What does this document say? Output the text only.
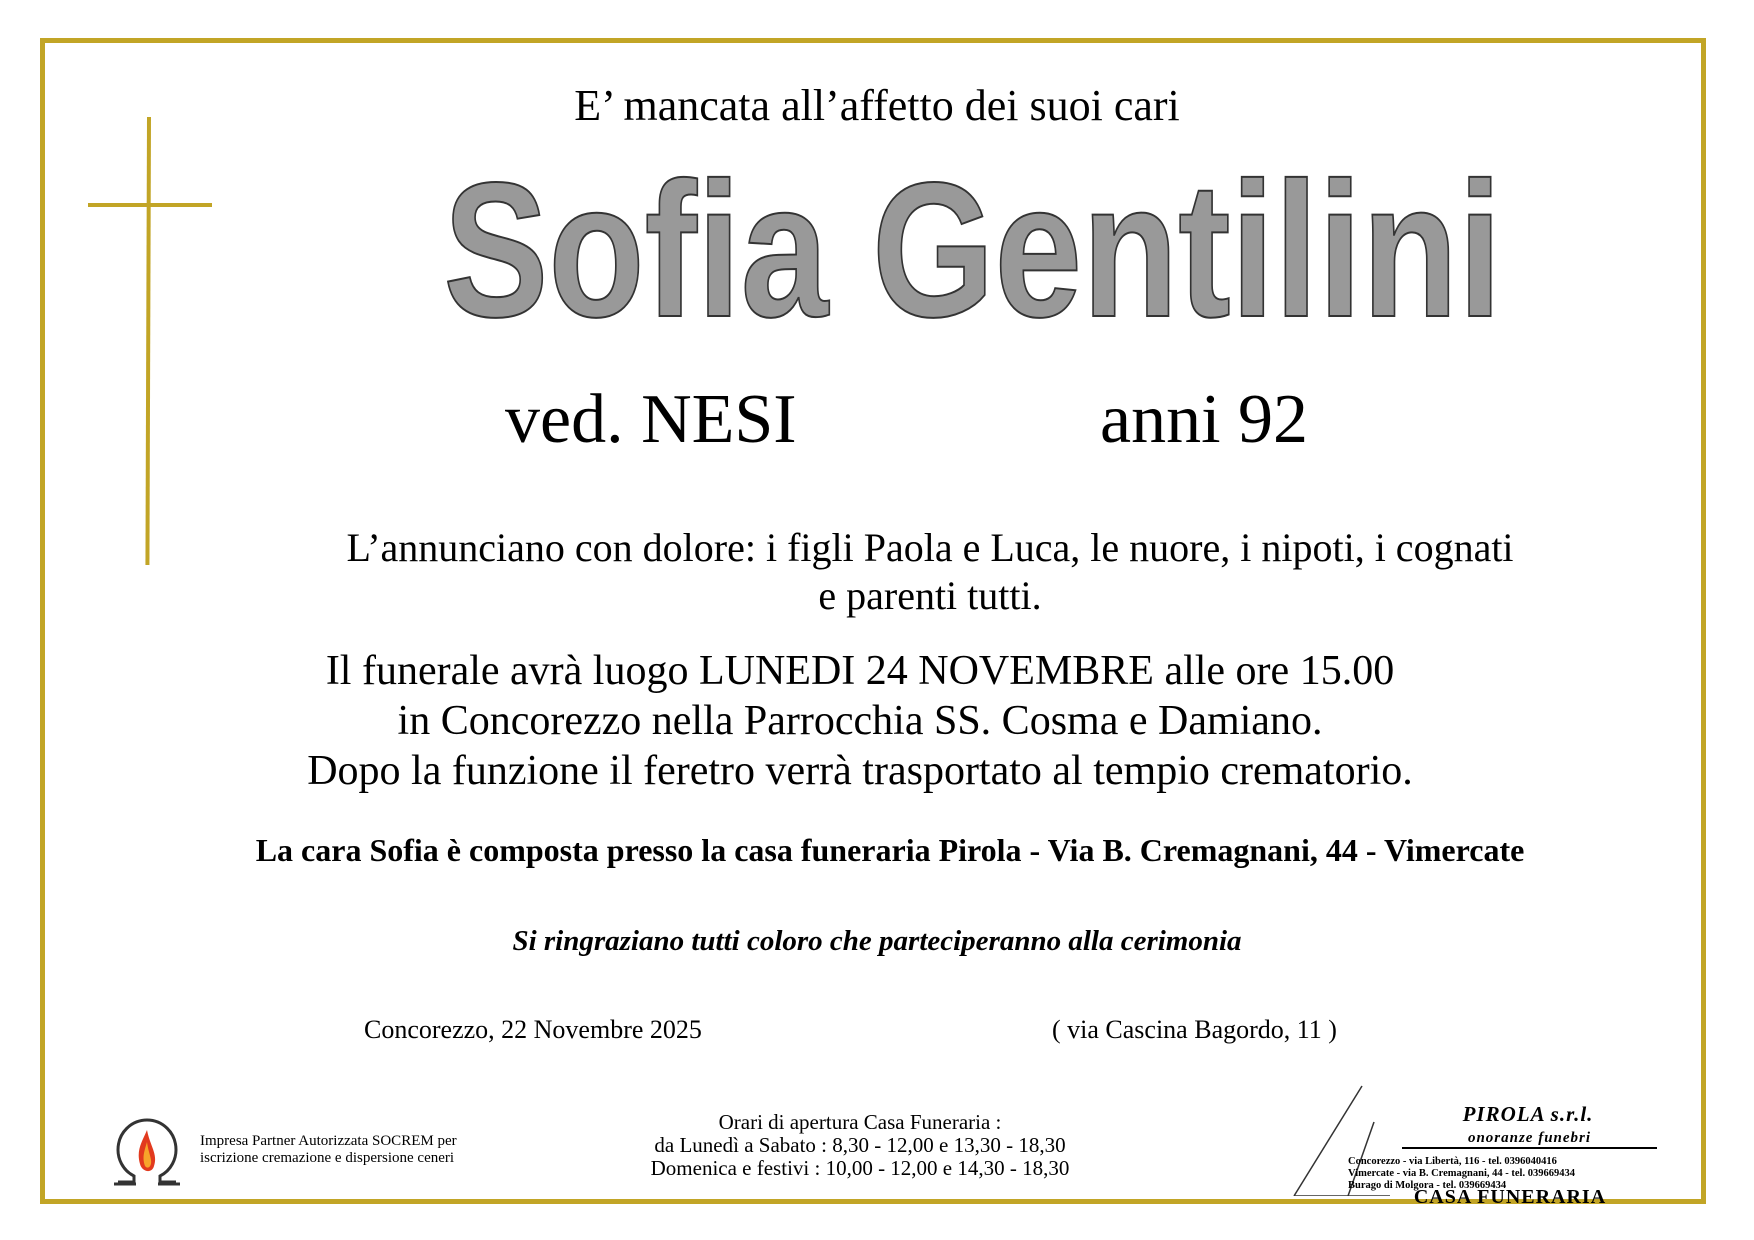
E’ mancata all’affetto dei suoi cari
Sofia Gentilini
ved. NESI	anni 92
L’annunciano con dolore: i figli Paola e Luca, le nuore, i nipoti, i cognati
e parenti tutti.
Il funerale avrà luogo LUNEDI 24 NOVEMBRE alle ore 15.00
in Concorezzo nella Parrocchia SS. Cosma e Damiano.
Dopo la funzione il feretro verrà trasportato al tempio crematorio.
La cara Sofia è composta presso la casa funeraria Pirola - Via B. Cremagnani, 44 - Vimercate
Si ringraziano tutti coloro che parteciperanno alla cerimonia
Concorezzo, 22 Novembre 2025	( via Cascina Bagordo, 11 )
Impresa Partner Autorizzata SOCREM per
iscrizione cremazione e dispersione ceneri
Orari di apertura Casa Funeraria :
da Lunedì a Sabato : 8,30 - 12,00 e 13,30 - 18,30
Domenica e festivi : 10,00 - 12,00 e 14,30 - 18,30
PIROLA s.r.l.
onoranze funebri
Concorezzo - via Libertà, 116 - tel. 0396040416
Vimercate - via B. Cremagnani, 44 - tel. 039669434
Burago di Molgora - tel. 039669434
CASA FUNERARIA
